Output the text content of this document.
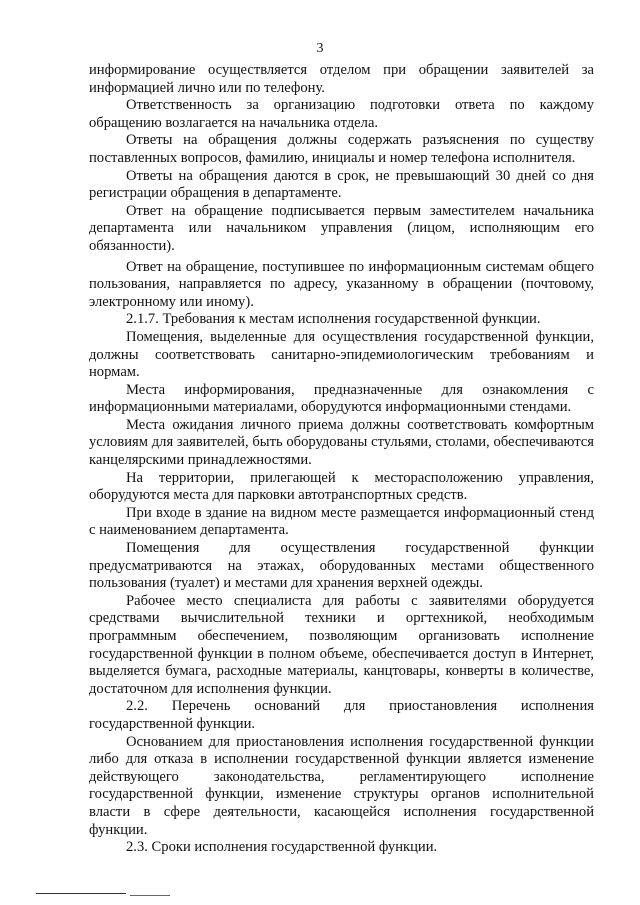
3

информирование осуществляется отделом при обращении заявителей за информацией лично или по телефону.

Ответственность за организацию подготовки ответа по каждому обращению возлагается на начальника отдела.

Ответы на обращения должны содержать разъяснения по существу поставленных вопросов, фамилию, инициалы и номер телефона исполнителя.

Ответы на обращения даются в срок, не превышающий 30 дней со дня регистрации обращения в департаменте.

Ответ на обращение подписывается первым заместителем начальника департамента или начальником управления (лицом, исполняющим его обязанности).

Ответ на обращение, поступившее по информационным системам общего пользования, направляется по адресу, указанному в обращении (почтовому, электронному или иному).

2.1.7. Требования к местам исполнения государственной функции.

Помещения, выделенные для осуществления государственной функции, должны соответствовать санитарно-эпидемиологическим требованиям и нормам.

Места информирования, предназначенные для ознакомления с информационными материалами, оборудуются информационными стендами.

Места ожидания личного приема должны соответствовать комфортным условиям для заявителей, быть оборудованы стульями, столами, обеспечиваются канцелярскими принадлежностями.

На территории, прилегающей к месторасположению управления, оборудуются места для парковки автотранспортных средств.

При входе в здание на видном месте размещается информационный стенд с наименованием департамента.

Помещения для осуществления государственной функции предусматриваются на этажах, оборудованных местами общественного пользования (туалет) и местами для хранения верхней одежды.

Рабочее место специалиста для работы с заявителями оборудуется средствами вычислительной техники и оргтехникой, необходимым программным обеспечением, позволяющим организовать исполнение государственной функции в полном объеме, обеспечивается доступ в Интернет, выделяется бумага, расходные материалы, канцтовары, конверты в количестве, достаточном для исполнения функции.

2.2. Перечень оснований для приостановления исполнения государственной функции.

Основанием для приостановления исполнения государственной функции либо для отказа в исполнении государственной функции является изменение действующего законодательства, регламентирующего исполнение государственной функции, изменение структуры органов исполнительной власти в сфере деятельности, касающейся исполнения государственной функции.

2.3. Сроки исполнения государственной функции.
